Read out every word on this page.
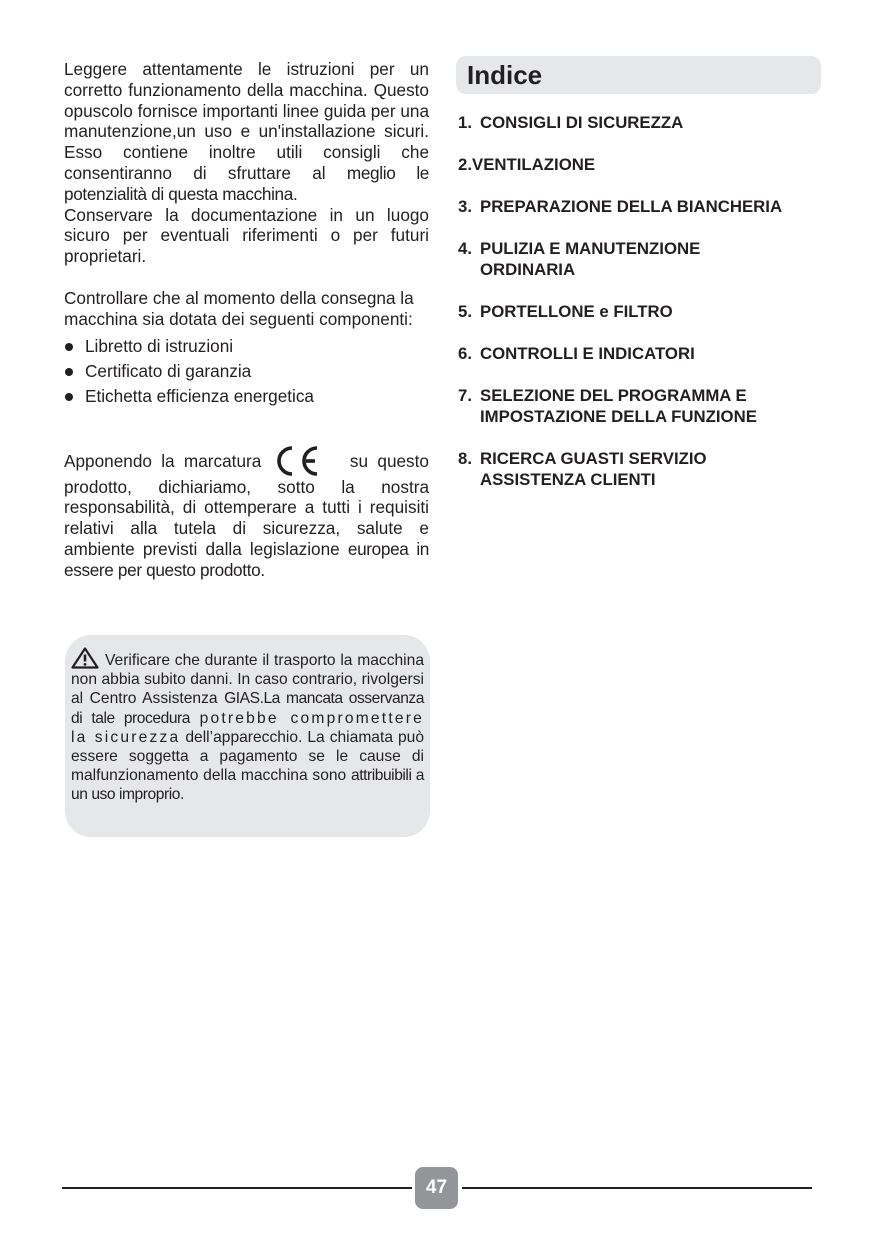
Leggere attentamente le istruzioni per un corretto funzionamento della macchina. Questo opuscolo fornisce importanti linee guida per una manutenzione,un uso e un'installazione sicuri. Esso contiene inoltre utili consigli che consentiranno di sfruttare al meglio le potenzialità di questa macchina.

Conservare la documentazione in un luogo sicuro per eventuali riferimenti o per futuri proprietari.

Controllare che al momento della consegna la macchina sia dotata dei seguenti componenti:

Libretto di istruzioni
Certificato di garanzia
Etichetta efficienza energetica

Apponendo la marcatura	su questo prodotto, dichiariamo, sotto la nostra responsabilità, di ottemperare a tutti i requisiti relativi alla tutela di sicurezza, salute e ambiente previsti dalla legislazione europea in essere per questo prodotto.

Verificare che durante il trasporto la macchina non abbia subito danni. In caso contrario, rivolgersi al Centro Assistenza GIAS.La mancata osservanza di tale procedura potrebbe compromettere la sicurezza dell’apparecchio. La chiamata può essere soggetta a pagamento se le cause di malfunzionamento della macchina sono attribuibili a un uso improprio.

Indice
1. CONSIGLI DI SICUREZZA
2.VENTILAZIONE
3. PREPARAZIONE DELLA BIANCHERIA
4. PULIZIA E MANUTENZIONE
ORDINARIA
5. PORTELLONE e FILTRO
6. CONTROLLI E INDICATORI
7. SELEZIONE DEL PROGRAMMA E
IMPOSTAZIONE DELLA FUNZIONE
8. RICERCA GUASTI SERVIZIO
ASSISTENZA CLIENTI
47
